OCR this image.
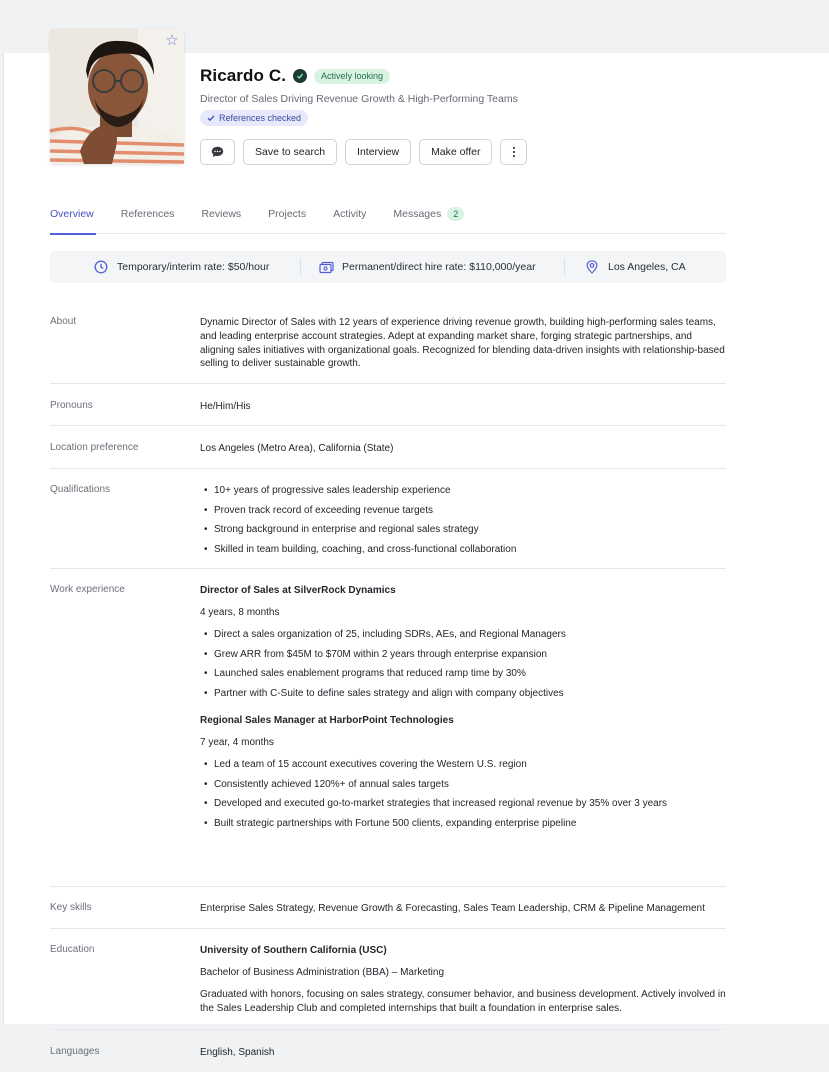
☆
Ricardo C.	Actively looking
Director of Sales Driving Revenue Growth & High-Performing Teams
References checked
Save to search	Interview	Make offer
Overview	References	Reviews	Projects	Activity	Messages	2
Temporary/interim rate: $50/hour	Permanent/direct hire rate: $110,000/year	Los Angeles, CA
About	Dynamic Director of Sales with 12 years of experience driving revenue growth, building high-performing sales teams, and leading enterprise account strategies. Adept at expanding market share, forging strategic partnerships, and aligning sales initiatives with organizational goals. Recognized for blending data-driven insights with relationship-based selling to deliver sustainable growth.
Pronouns	He/Him/His
Location preference	Los Angeles (Metro Area), California (State)
Qualifications
•	10+ years of progressive sales leadership experience
• Proven track record of exceeding revenue targets
• Strong background in enterprise and regional sales strategy
• Skilled in team building, coaching, and cross-functional collaboration
Work experience	Director of Sales at SilverRock Dynamics
4 years, 8 months
• Direct a sales organization of 25, including SDRs, AEs, and Regional Managers
• Grew ARR from $45M to $70M within 2 years through enterprise expansion
• Launched sales enablement programs that reduced ramp time by 30%
• Partner with C-Suite to define sales strategy and align with company objectives
Regional Sales Manager at HarborPoint Technologies
7 year, 4 months
• Led a team of 15 account executives covering the Western U.S. region
• Consistently achieved 120%+ of annual sales targets
• Developed and executed go-to-market strategies that increased regional revenue by 35% over 3 years
• Built strategic partnerships with Fortune 500 clients, expanding enterprise pipeline
Key skills	Enterprise Sales Strategy, Revenue Growth & Forecasting, Sales Team Leadership, CRM & Pipeline Management
Education	University of Southern California (USC)
Bachelor of Business Administration (BBA) – Marketing
Graduated with honors, focusing on sales strategy, consumer behavior, and business development. Actively involved in the Sales Leadership Club and completed internships that built a foundation in enterprise sales.
Languages	English, Spanish
